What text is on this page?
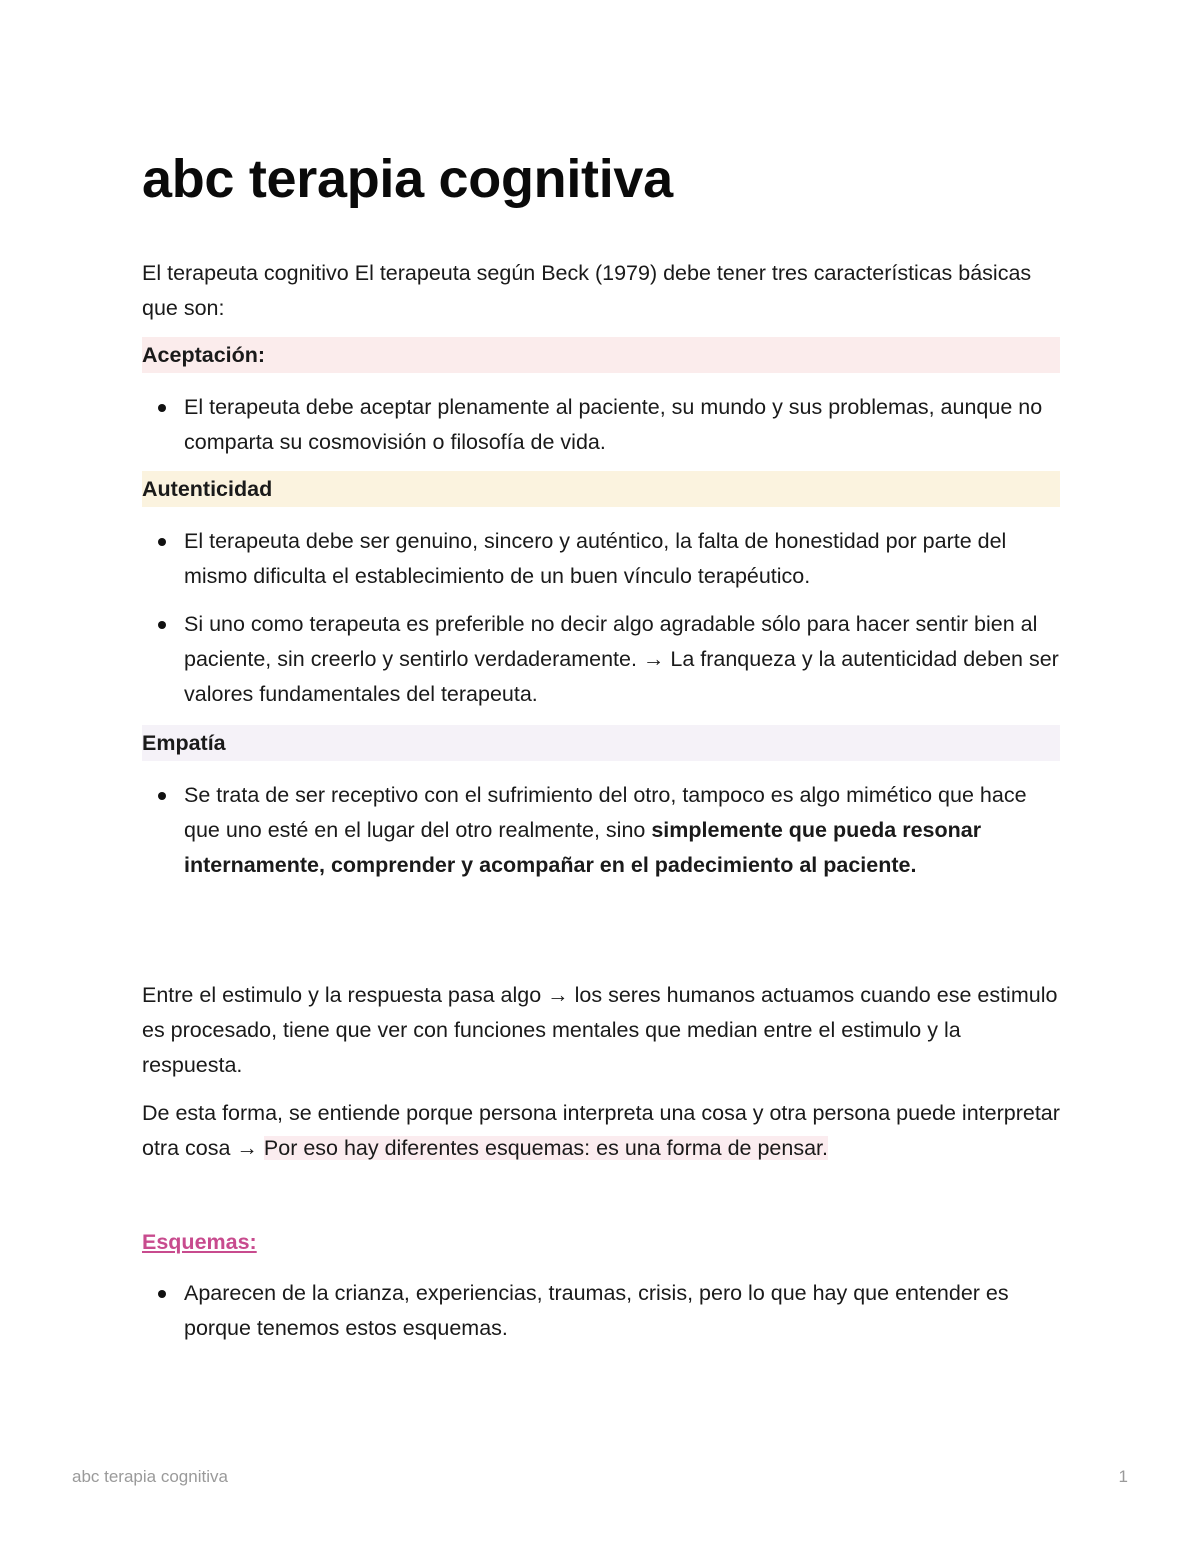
abc terapia cognitiva

El terapeuta cognitivo El terapeuta según Beck (1979) debe tener tres características básicas que son:

Aceptación:
El terapeuta debe aceptar plenamente al paciente, su mundo y sus problemas, aunque no comparta su cosmovisión o filosofía de vida.
Autenticidad
El terapeuta debe ser genuino, sincero y auténtico, la falta de honestidad por parte del mismo dificulta el establecimiento de un buen vínculo terapéutico.
Si uno como terapeuta es preferible no decir algo agradable sólo para hacer sentir bien al paciente, sin creerlo y sentirlo verdaderamente. → La franqueza y la autenticidad deben ser valores fundamentales del terapeuta.
Empatía
Se trata de ser receptivo con el sufrimiento del otro, tampoco es algo mimético que hace que uno esté en el lugar del otro realmente, sino simplemente que pueda resonar internamente, comprender y acompañar en el padecimiento al paciente.

Entre el estimulo y la respuesta pasa algo → los seres humanos actuamos cuando ese estimulo es procesado, tiene que ver con funciones mentales que median entre el estimulo y la respuesta.

De esta forma, se entiende porque persona interpreta una cosa y otra persona puede interpretar otra cosa → Por eso hay diferentes esquemas: es una forma de pensar.

Esquemas:
Aparecen de la crianza, experiencias, traumas, crisis, pero lo que hay que entender es porque tenemos estos esquemas.
abc terapia cognitiva	1
